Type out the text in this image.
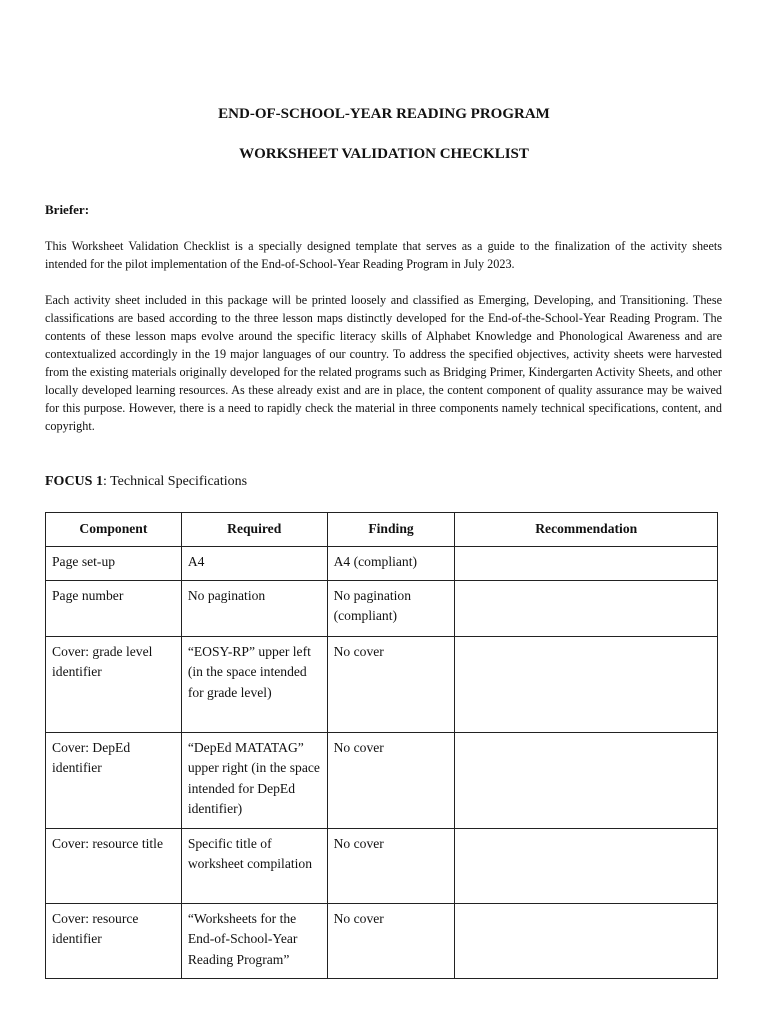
END-OF-SCHOOL-YEAR READING PROGRAM
WORKSHEET VALIDATION CHECKLIST
Briefer:

This Worksheet Validation Checklist is a specially designed template that serves as a guide to the finalization of the activity sheets intended for the pilot implementation of the End-of-School-Year Reading Program in July 2023.

Each activity sheet included in this package will be printed loosely and classified as Emerging, Developing, and Transitioning. These classifications are based according to the three lesson maps distinctly developed for the End-of-the-School-Year Reading Program. The contents of these lesson maps evolve around the specific literacy skills of Alphabet Knowledge and Phonological Awareness and are contextualized accordingly in the 19 major languages of our country. To address the specified objectives, activity sheets were harvested from the existing materials originally developed for the related programs such as Bridging Primer, Kindergarten Activity Sheets, and other locally developed learning resources. As these already exist and are in place, the content component of quality assurance may be waived for this purpose. However, there is a need to rapidly check the material in three components namely technical specifications, content, and copyright.

FOCUS 1: Technical Specifications
Component	Required	Finding	Recommendation
Page set-up	A4	A4 (compliant)	
Page number	No pagination	No pagination (compliant)	
Cover: grade level identifier	“EOSY-RP” upper left (in the space intended for grade level)	No cover	
Cover: DepEd identifier	“DepEd MATATAG” upper right (in the space intended for DepEd identifier)	No cover	
Cover: resource title	Specific title of worksheet compilation	No cover	
Cover: resource identifier	“Worksheets for the End-of-School-Year Reading Program”	No cover	
